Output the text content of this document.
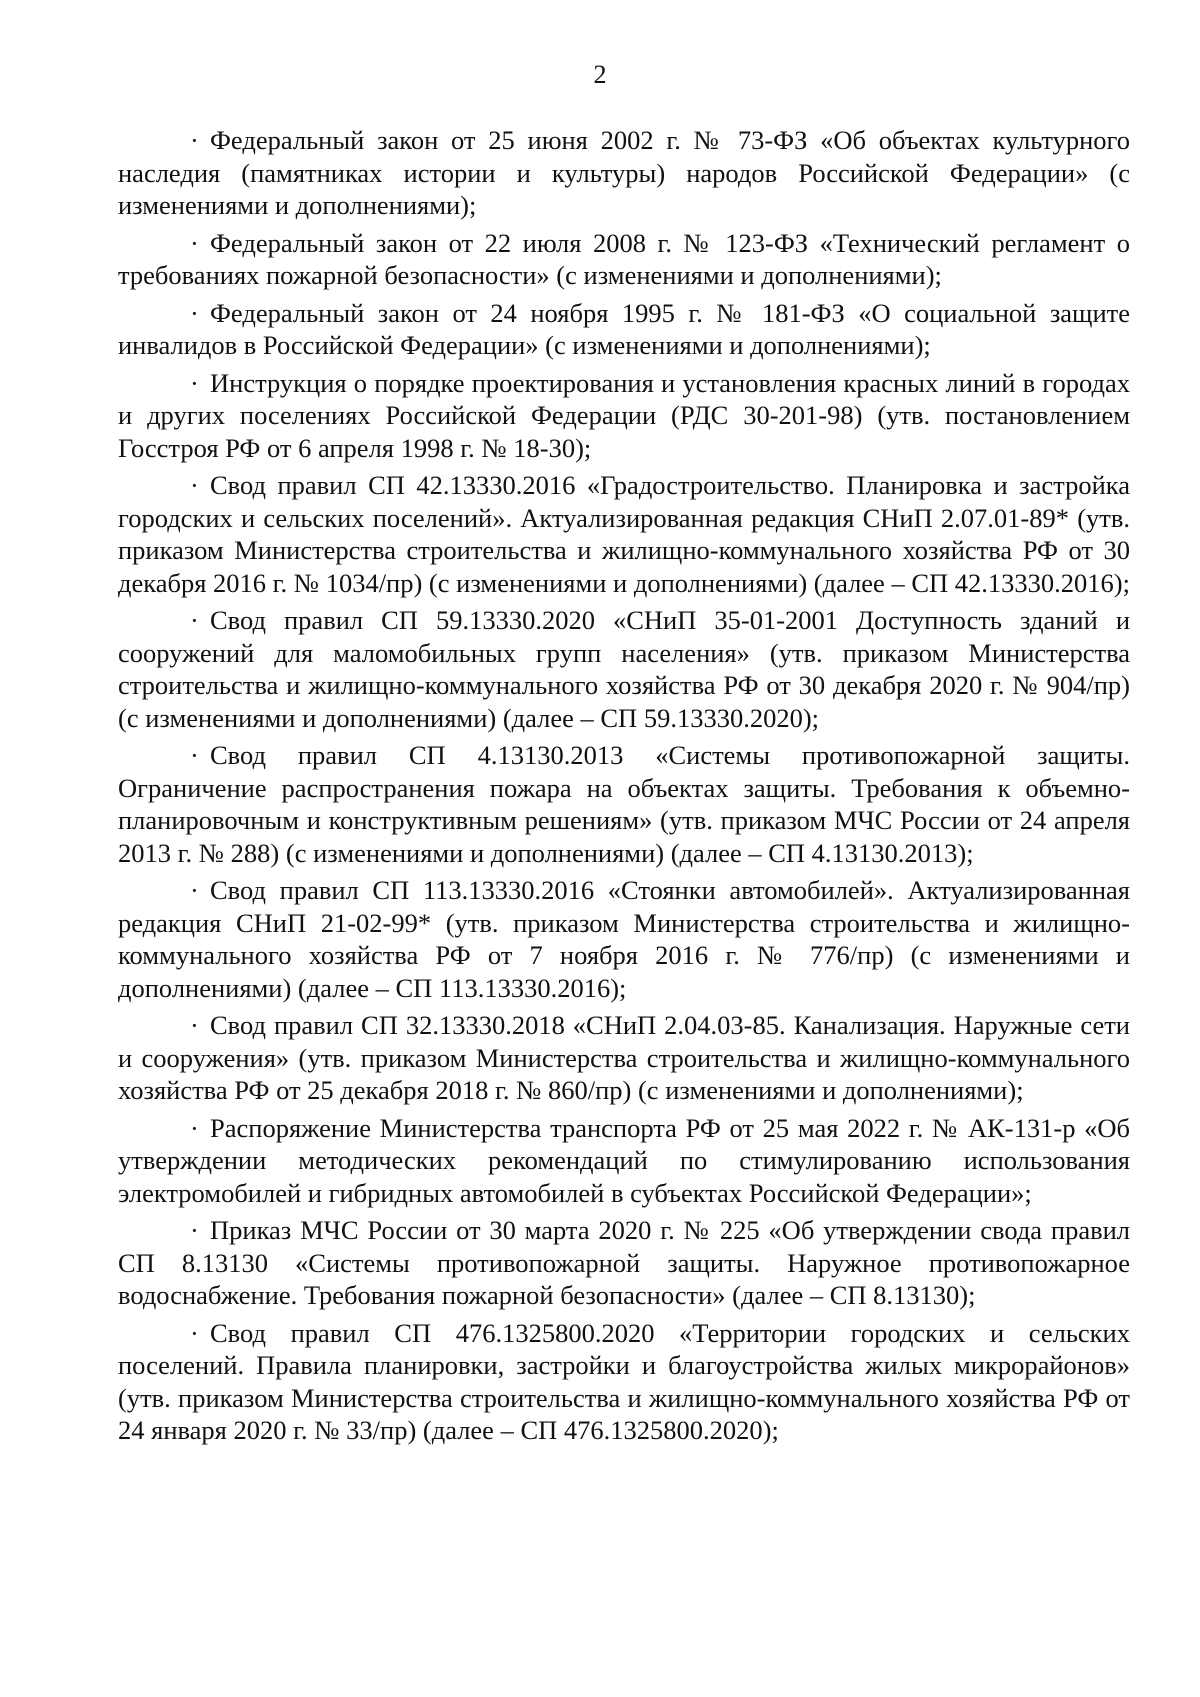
2

· Федеральный закон от 25 июня 2002 г. № 73-ФЗ «Об объектах культурного наследия (памятниках истории и культуры) народов Российской Федерации» (с изменениями и дополнениями);

· Федеральный закон от 22 июля 2008 г. № 123-ФЗ «Технический регламент о требованиях пожарной безопасности» (с изменениями и дополнениями);

· Федеральный закон от 24 ноября 1995 г. № 181-ФЗ «О социальной защите инвалидов в Российской Федерации» (с изменениями и дополнениями);

· Инструкция о порядке проектирования и установления красных линий в городах и других поселениях Российской Федерации (РДС 30-201-98) (утв. постановлением Госстроя РФ от 6 апреля 1998 г. № 18-30);

· Свод правил СП 42.13330.2016 «Градостроительство. Планировка и застройка городских и сельских поселений». Актуализированная редакция СНиП 2.07.01-89* (утв. приказом Министерства строительства и жилищно-коммунального хозяйства РФ от 30 декабря 2016 г. № 1034/пр) (с изменениями и дополнениями) (далее – СП 42.13330.2016);

· Свод правил СП 59.13330.2020 «СНиП 35-01-2001 Доступность зданий и сооружений для маломобильных групп населения» (утв. приказом Министерства строительства и жилищно-коммунального хозяйства РФ от 30 декабря 2020 г. № 904/пр) (с изменениями и дополнениями) (далее – СП 59.13330.2020);

· Свод правил СП 4.13130.2013 «Системы противопожарной защиты. Ограничение распространения пожара на объектах защиты. Требования к объемно-планировочным и конструктивным решениям» (утв. приказом МЧС России от 24 апреля 2013 г. № 288) (с изменениями и дополнениями) (далее – СП 4.13130.2013);

· Свод правил СП 113.13330.2016 «Стоянки автомобилей». Актуализированная редакция СНиП 21-02-99* (утв. приказом Министерства строительства и жилищно-коммунального хозяйства РФ от 7 ноября 2016 г. № 776/пр) (с изменениями и дополнениями) (далее – СП 113.13330.2016);

· Свод правил СП 32.13330.2018 «СНиП 2.04.03-85. Канализация. Наружные сети и сооружения» (утв. приказом Министерства строительства и жилищно-коммунального хозяйства РФ от 25 декабря 2018 г. № 860/пр) (с изменениями и дополнениями);

· Распоряжение Министерства транспорта РФ от 25 мая 2022 г. № АК-131-р «Об утверждении методических рекомендаций по стимулированию использования электромобилей и гибридных автомобилей в субъектах Российской Федерации»;

· Приказ МЧС России от 30 марта 2020 г. № 225 «Об утверждении свода правил СП 8.13130 «Системы противопожарной защиты. Наружное противопожарное водоснабжение. Требования пожарной безопасности» (далее – СП 8.13130);

· Свод правил СП 476.1325800.2020 «Территории городских и сельских поселений. Правила планировки, застройки и благоустройства жилых микрорайонов» (утв. приказом Министерства строительства и жилищно-коммунального хозяйства РФ от 24 января 2020 г. № 33/пр) (далее – СП 476.1325800.2020);
